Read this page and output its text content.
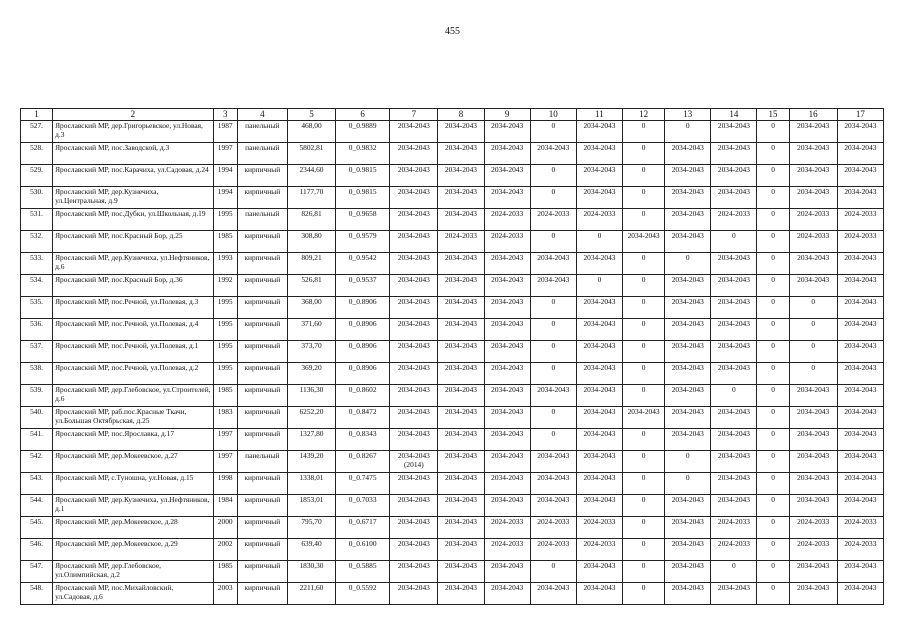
455
1	2	3	4	5	6	7	8	9	10	11	12	13	14	15	16	17
527.	Ярославский МР, дер.Григорьевское, ул.Новая, д.3	1987	панельный	468,00	0_0.9889	2034-2043	2034-2043	2034-2043	0	2034-2043	0	0	2034-2043	0	2034-2043	2034-2043
528.	Ярославский МР, пос.Заводской, д.3	1997	панельный	5802,81	0_0.9832	2034-2043	2034-2043	2034-2043	2034-2043	2034-2043	0	2034-2043	2034-2043	0	2034-2043	2034-2043
529.	Ярославский МР, пос.Карачиха, ул.Садовая, д.24	1994	кирпичный	2344,60	0_0.9815	2034-2043	2034-2043	2034-2043	0	2034-2043	0	2034-2043	2034-2043	0	2034-2043	2034-2043
530.	Ярославский МР, дер.Кузнечиха, ул.Центральная, д.9	1994	кирпичный	1177,70	0_0.9815	2034-2043	2034-2043	2034-2043	0	2034-2043	0	2034-2043	2034-2043	0	2034-2043	2034-2043
531.	Ярославский МР, пос.Дубки, ул.Школьная, д.19	1995	панельный	826,81	0_0.9658	2034-2043	2034-2043	2024-2033	2024-2033	2024-2033	0	2034-2043	2024-2033	0	2024-2033	2024-2033
532.	Ярославский МР, пос.Красный Бор, д.25	1985	кирпичный	308,80	0_0.9579	2034-2043	2024-2033	2024-2033	0	0	2034-2043	2034-2043	0	0	2024-2033	2024-2033
533.	Ярославский МР, дер.Кузнечиха, ул.Нефтяников, д.6	1993	кирпичный	809,21	0_0.9542	2034-2043	2034-2043	2034-2043	2034-2043	2034-2043	0	0	2034-2043	0	2034-2043	2034-2043
534.	Ярославский МР, пос.Красный Бор, д.36	1992	кирпичный	526,81	0_0.9537	2034-2043	2034-2043	2034-2043	2034-2043	0	0	2034-2043	2034-2043	0	2034-2043	2034-2043
535.	Ярославский МР, пос.Речной, ул.Полевая, д.3	1995	кирпичный	368,00	0_0.8906	2034-2043	2034-2043	2034-2043	0	2034-2043	0	2034-2043	2034-2043	0	0	2034-2043
536.	Ярославский МР, пос.Речной, ул.Полевая, д.4	1995	кирпичный	371,60	0_0.8906	2034-2043	2034-2043	2034-2043	0	2034-2043	0	2034-2043	2034-2043	0	0	2034-2043
537.	Ярославский МР, пос.Речной, ул.Полевая, д.1	1995	кирпичный	373,70	0_0.8906	2034-2043	2034-2043	2034-2043	0	2034-2043	0	2034-2043	2034-2043	0	0	2034-2043
538.	Ярославский МР, пос.Речной, ул.Полевая, д.2	1995	кирпичный	369,20	0_0.8906	2034-2043	2034-2043	2034-2043	0	2034-2043	0	2034-2043	2034-2043	0	0	2034-2043
539.	Ярославский МР, дер.Глебовское, ул.Строителей, д.6	1985	кирпичный	1136,30	0_0.8602	2034-2043	2034-2043	2034-2043	2034-2043	2034-2043	0	2034-2043	0	0	2034-2043	2034-2043
540.	Ярославский МР, раб.пос.Красные Ткачи, ул.Большая Октябрьская, д.25	1983	кирпичный	6252,20	0_0.8472	2034-2043	2034-2043	2034-2043	0	2034-2043	2034-2043	2034-2043	2034-2043	0	2034-2043	2034-2043
541.	Ярославский МР, пос.Ярославка, д.17	1997	кирпичный	1327,80	0_0.8343	2034-2043	2034-2043	2034-2043	0	2034-2043	0	2034-2043	2034-2043	0	2034-2043	2034-2043
542.	Ярославский МР, дер.Мокеевское, д.27	1997	панельный	1439,20	0_0.8267	2034-2043 (2014)	2034-2043	2034-2043	2034-2043	2034-2043	0	0	2034-2043	0	2034-2043	2034-2043
543.	Ярославский МР, с.Туношна, ул.Новая, д.15	1998	кирпичный	1338,01	0_0.7475	2034-2043	2034-2043	2034-2043	2034-2043	2034-2043	0	0	2034-2043	0	2034-2043	2034-2043
544.	Ярославский МР, дер.Кузнечиха, ул.Нефтяников, д.1	1984	кирпичный	1853,01	0_0.7033	2034-2043	2034-2043	2034-2043	2034-2043	2034-2043	0	2034-2043	2034-2043	0	2034-2043	2034-2043
545.	Ярославский МР, дер.Мокеевское, д.28	2000	кирпичный	795,70	0_0.6717	2034-2043	2034-2043	2024-2033	2024-2033	2024-2033	0	2034-2043	2024-2033	0	2024-2033	2024-2033
546.	Ярославский МР, дер.Мокеевское, д.29	2002	кирпичный	639,40	0_0.6100	2034-2043	2034-2043	2024-2033	2024-2033	2024-2033	0	2034-2043	2024-2033	0	2024-2033	2024-2033
547.	Ярославский МР, дер.Глебовское, ул.Олимпийская, д.2	1985	кирпичный	1830,30	0_0.5885	2034-2043	2034-2043	2034-2043	0	2034-2043	0	2034-2043	0	0	2034-2043	2034-2043
548.	Ярославский МР, пос.Михайловский, ул.Садовая, д.6	2003	кирпичный	2211,60	0_0.5592	2034-2043	2034-2043	2034-2043	2034-2043	2034-2043	0	2034-2043	2034-2043	0	2034-2043	2034-2043
